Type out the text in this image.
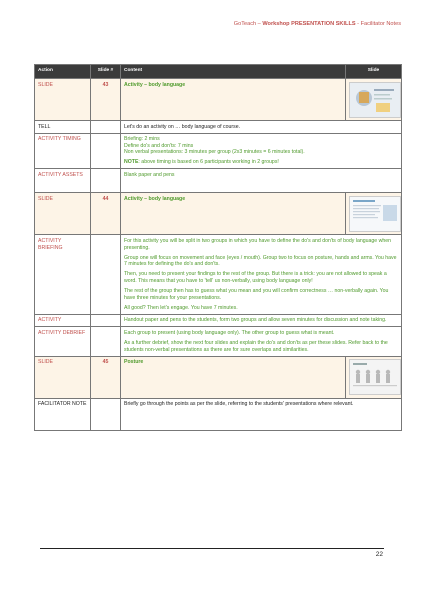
GoTeach – Workshop PRESENTATION SKILLS - Facilitator Notes
Action	Slide #	Content	Slide
SLIDE	43	Activity – body language	

TELL		Let's do an activity on … body language of course.	

ACTIVITY TIMING		Briefing: 2 mins
Define do's and don'ts: 7 mins
Non verbal presentations: 3 minutes per group (2x3 minutes = 6 minutes total).
NOTE: above timing is based on 6 participants working in 2 groups!	

ACTIVITY ASSETS		Blank paper and pens	

SLIDE	44	Activity – body language	

ACTIVITY BRIEFING		For this activity you will be split in two groups in which you have to define the do's and don'ts of body language when presenting.

Group one will focus on movement and face (eyes / mouth). Group two to focus on posture, hands and arms. You have 7 minutes for defining the do's and don'ts.

Then, you need to present your findings to the rest of the group. But there is a trick: you are not allowed to speak a word. This means that you have to 'tell' us non-verbally, using body language only!

The rest of the group then has to guess what you mean and you will confirm correctness … non-verbally again. You have three minutes for your presentations.

All good? Then let's engage. You have 7 minutes.	

ACTIVITY		Handout paper and pens to the students, form two groups and allow seven minutes for discussion and note taking.	

ACTIVITY DEBRIEF		Each group to present (using body language only). The other group to guess what is meant.

As a further debrief, show the next four slides and explain the do's and don'ts as per these slides. Refer back to the students non-verbal presentations as there are for sure overlaps and similarities.	

SLIDE	45	Posture	

FACILITATOR NOTE		Briefly go through the points as per the slide, referring to the students' presentations where relevant.	

22
